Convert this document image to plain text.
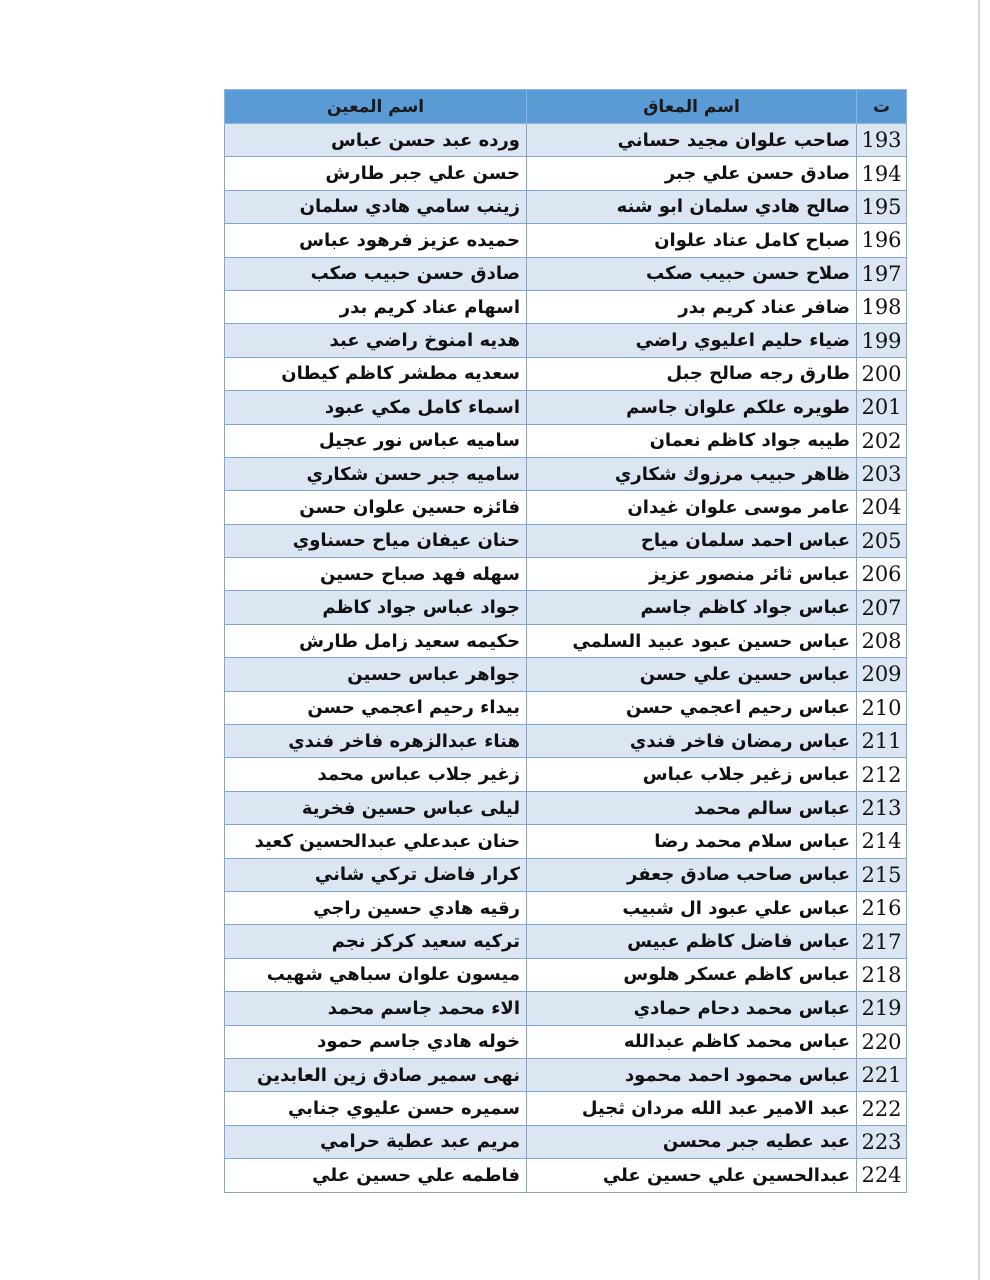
ت	اسم المعاق	اسم المعين
193	صاحب علوان مجيد حساني	ورده عبد حسن عباس
194	صادق حسن علي جبر	حسن علي جبر طارش
195	صالح هادي سلمان ابو شنه	زينب سامي هادي سلمان
196	صباح كامل عناد علوان	حميده عزيز فرهود عباس
197	صلاح حسن حبيب صكب	صادق حسن حبيب صكب
198	ضافر عناد كريم بدر	اسهام عناد كريم بدر
199	ضياء حليم اعليوي راضي	هديه امنوخ راضي عبد
200	طارق رجه صالح جبل	سعديه مطشر كاظم كيطان
201	طويره علكم علوان جاسم	اسماء كامل مكي عبود
202	طيبه جواد كاظم نعمان	ساميه عباس نور عجيل
203	ظاهر حبيب مرزوك شكاري	ساميه جبر حسن شكاري
204	عامر موسى علوان غيدان	فائزه حسين علوان حسن
205	عباس احمد سلمان مياح	حنان عيفان مياح حسناوي
206	عباس ثائر منصور عزيز	سهله فهد صباح حسين
207	عباس جواد كاظم جاسم	جواد عباس جواد كاظم
208	عباس حسين عبود عبيد السلمي	حكيمه سعيد زامل طارش
209	عباس حسين علي حسن	جواهر عباس حسين
210	عباس رحيم اعجمي حسن	بيداء رحيم اعجمي حسن
211	عباس رمضان فاخر فندي	هناء عبدالزهره فاخر فندي
212	عباس زغير جلاب عباس	زغير جلاب عباس محمد
213	عباس سالم محمد	ليلى عباس حسين فخرية
214	عباس سلام محمد رضا	حنان عبدعلي عبدالحسين كعيد
215	عباس صاحب صادق جعفر	كرار فاضل تركي شاني
216	عباس علي عبود ال شبيب	رقيه هادي حسين راجي
217	عباس فاضل كاظم عبيس	تركيه سعيد كركز نجم
218	عباس كاظم عسكر هلوس	ميسون علوان سباهي شهيب
219	عباس محمد دحام حمادي	الاء محمد جاسم محمد
220	عباس محمد كاظم عبدالله	خوله هادي جاسم حمود
221	عباس محمود احمد محمود	نهى سمير صادق زين العابدين
222	عبد الامير عبد الله مردان ثجيل	سميره حسن عليوي جنابي
223	عبد عطيه جبر محسن	مريم عبد عطية حرامي
224	عبدالحسين علي حسين علي	فاطمه علي حسين علي
